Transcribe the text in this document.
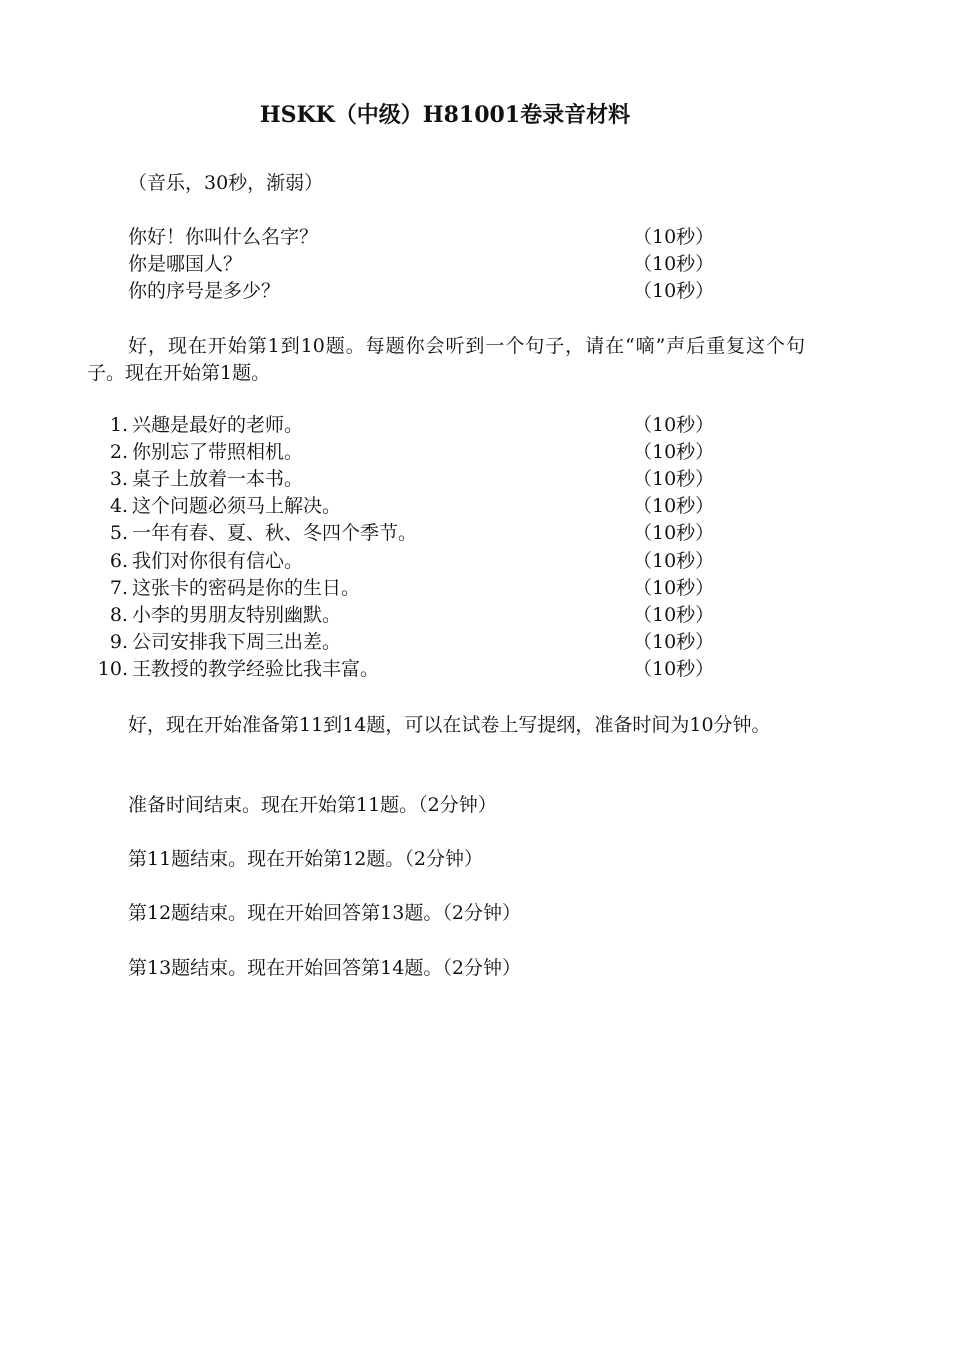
HSKK（中级）H81001卷录音材料
（音乐，30秒，渐弱）
你好！你叫什么名字？	（10秒）
你是哪国人？	（10秒）
你的序号是多少？	（10秒）
好，现在开始第1到10题。每题你会听到一个句子，请在“嘀”声后重复这个句子。现在开始第1题。
1. 兴趣是最好的老师。	（10秒）
2. 你别忘了带照相机。	（10秒）
3. 桌子上放着一本书。	（10秒）
4. 这个问题必须马上解决。	（10秒）
5. 一年有春、夏、秋、冬四个季节。	（10秒）
6. 我们对你很有信心。	（10秒）
7. 这张卡的密码是你的生日。	（10秒）
8. 小李的男朋友特别幽默。	（10秒）
9. 公司安排我下周三出差。	（10秒）
10. 王教授的教学经验比我丰富。	（10秒）
好，现在开始准备第11到14题，可以在试卷上写提纲，准备时间为10分钟。
准备时间结束。现在开始第11题。（2分钟）
第11题结束。现在开始第12题。（2分钟）
第12题结束。现在开始回答第13题。（2分钟）
第13题结束。现在开始回答第14题。（2分钟）
